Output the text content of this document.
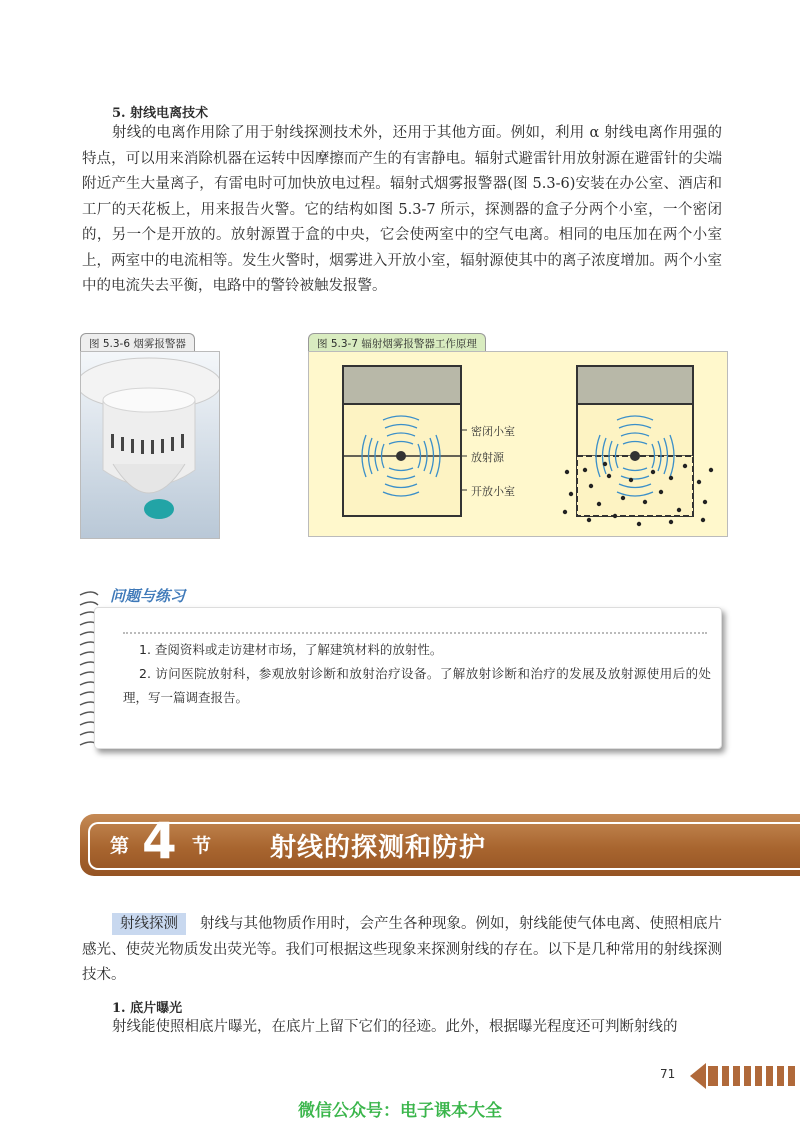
5. 射线电离技术

射线的电离作用除了用于射线探测技术外，还用于其他方面。例如，利用 α 射线电离作用强的特点，可以用来消除机器在运转中因摩擦而产生的有害静电。辐射式避雷针用放射源在避雷针的尖端附近产生大量离子，有雷电时可加快放电过程。辐射式烟雾报警器(图 5.3-6)安装在办公室、酒店和工厂的天花板上，用来报告火警。它的结构如图 5.3-7 所示，探测器的盒子分两个小室，一个密闭的，另一个是开放的。放射源置于盒的中央，它会使两室中的空气电离。相同的电压加在两个小室上，两室中的电流相等。发生火警时，烟雾进入开放小室，辐射源使其中的离子浓度增加。两个小室中的电流失去平衡，电路中的警铃被触发报警。

图 5.3-6 烟雾报警器	图 5.3-7 辐射烟雾报警器工作原理
密闭小室
放射源
开放小室
问题与练习

1. 查阅资料或走访建材市场，了解建筑材料的放射性。

2. 访问医院放射科，参观放射诊断和放射治疗设备。了解放射诊断和治疗的发展及放射源使用后的处理，写一篇调查报告。

第 4 节 射线的探测和防护

射线探测 射线与其他物质作用时，会产生各种现象。例如，射线能使气体电离、使照相底片感光、使荧光物质发出荧光等。我们可根据这些现象来探测射线的存在。以下是几种常用的射线探测技术。

1. 底片曝光

射线能使照相底片曝光，在底片上留下它们的径迹。此外，根据曝光程度还可判断射线的

71
微信公众号：电子课本大全
